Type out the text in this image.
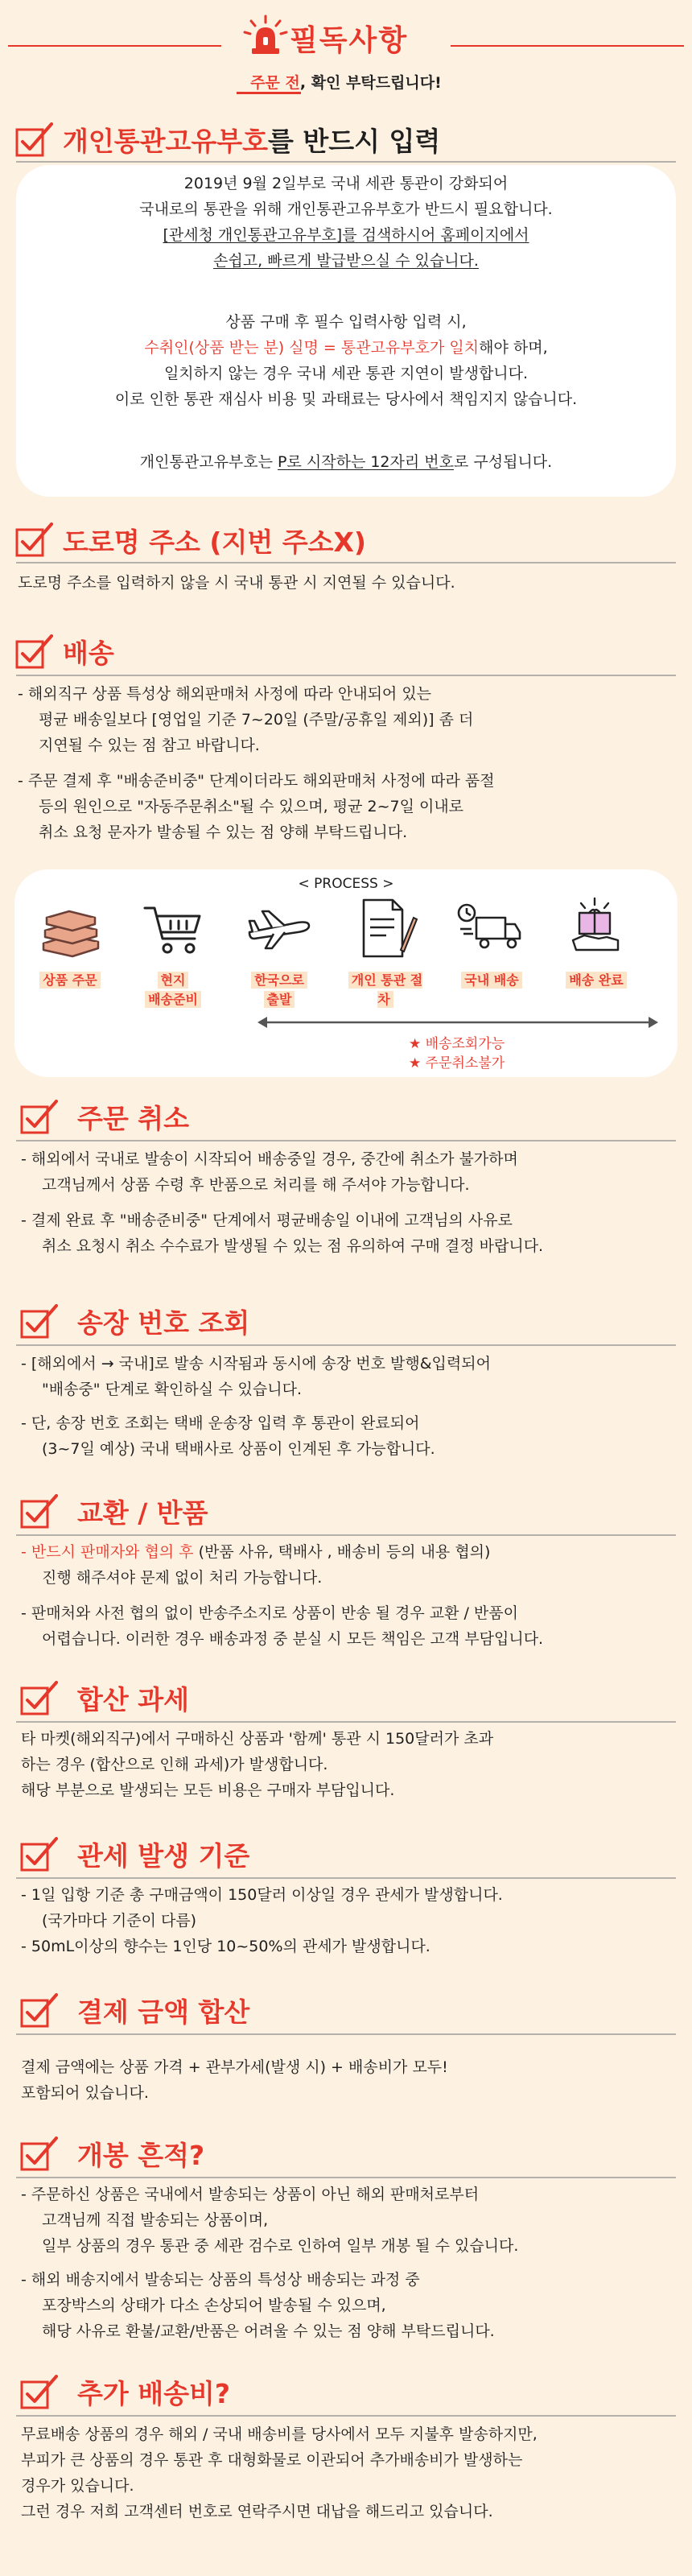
필독사항
주문 전, 확인 부탁드립니다!
개인통관고유부호를 반드시 입력
2019년 9월 2일부로 국내 세관 통관이 강화되어
국내로의 통관을 위해 개인통관고유부호가 반드시 필요합니다.
[관세청 개인통관고유부호]를 검색하시어 홈페이지에서
손쉽고, 빠르게 발급받으실 수 있습니다.
상품 구매 후 필수 입력사항 입력 시,
수취인(상품 받는 분) 실명 = 통관고유부호가 일치해야 하며,
일치하지 않는 경우 국내 세관 통관 지연이 발생합니다.
이로 인한 통관 재심사 비용 및 과태료는 당사에서 책임지지 않습니다.
개인통관고유부호는 P로 시작하는 12자리 번호로 구성됩니다.
도로명 주소 (지번 주소X)
도로명 주소를 입력하지 않을 시 국내 통관 시 지연될 수 있습니다.
배송
- 해외직구 상품 특성상 해외판매처 사정에 따라 안내되어 있는
평균 배송일보다 [영업일 기준 7~20일 (주말/공휴일 제외)] 좀 더
지연될 수 있는 점 참고 바랍니다.
- 주문 결제 후 "배송준비중" 단계이더라도 해외판매처 사정에 따라 품절
등의 원인으로 "자동주문취소"될 수 있으며, 평균 2~7일 이내로
취소 요청 문자가 발송될 수 있는 점 양해 부탁드립니다.
< PROCESS >
상품 주문	현지
배송준비
한국으로
출발
개인 통관 절차
국내 배송	배송 완료
★ 배송조회가능
★ 주문취소불가
주문 취소
- 해외에서 국내로 발송이 시작되어 배송중일 경우, 중간에 취소가 불가하며
고객님께서 상품 수령 후 반품으로 처리를 해 주셔야 가능합니다.
- 결제 완료 후 "배송준비중" 단계에서 평균배송일 이내에 고객님의 사유로
취소 요청시 취소 수수료가 발생될 수 있는 점 유의하여 구매 결정 바랍니다.
송장 번호 조회
- [해외에서 → 국내]로 발송 시작됨과 동시에 송장 번호 발행&입력되어
"배송중" 단계로 확인하실 수 있습니다.
- 단, 송장 번호 조회는 택배 운송장 입력 후 통관이 완료되어
(3~7일 예상) 국내 택배사로 상품이 인계된 후 가능합니다.
교환 / 반품
- 반드시 판매자와 협의 후 (반품 사유, 택배사 , 배송비 등의 내용 협의)
진행 해주셔야 문제 없이 처리 가능합니다.
- 판매처와 사전 협의 없이 반송주소지로 상품이 반송 될 경우 교환 / 반품이
어렵습니다. 이러한 경우 배송과정 중 분실 시 모든 책임은 고객 부담입니다.
합산 과세
타 마켓(해외직구)에서 구매하신 상품과 '함께' 통관 시 150달러가 초과
하는 경우 (합산으로 인해 과세)가 발생합니다.
해당 부분으로 발생되는 모든 비용은 구매자 부담입니다.
관세 발생 기준
- 1일 입항 기준 총 구매금액이 150달러 이상일 경우 관세가 발생합니다.
(국가마다 기준이 다름)
- 50mL이상의 향수는 1인당 10~50%의 관세가 발생합니다.
결제 금액 합산
결제 금액에는 상품 가격 + 관부가세(발생 시) + 배송비가 모두!
포함되어 있습니다.
개봉 흔적?
- 주문하신 상품은 국내에서 발송되는 상품이 아닌 해외 판매처로부터
고객님께 직접 발송되는 상품이며,
일부 상품의 경우 통관 중 세관 검수로 인하여 일부 개봉 될 수 있습니다.
- 해외 배송지에서 발송되는 상품의 특성상 배송되는 과정 중
포장박스의 상태가 다소 손상되어 발송될 수 있으며,
해당 사유로 환불/교환/반품은 어려울 수 있는 점 양해 부탁드립니다.
추가 배송비?
무료배송 상품의 경우 해외 / 국내 배송비를 당사에서 모두 지불후 발송하지만,
부피가 큰 상품의 경우 통관 후 대형화물로 이관되어 추가배송비가 발생하는
경우가 있습니다.
그런 경우 저희 고객센터 번호로 연락주시면 대납을 해드리고 있습니다.
